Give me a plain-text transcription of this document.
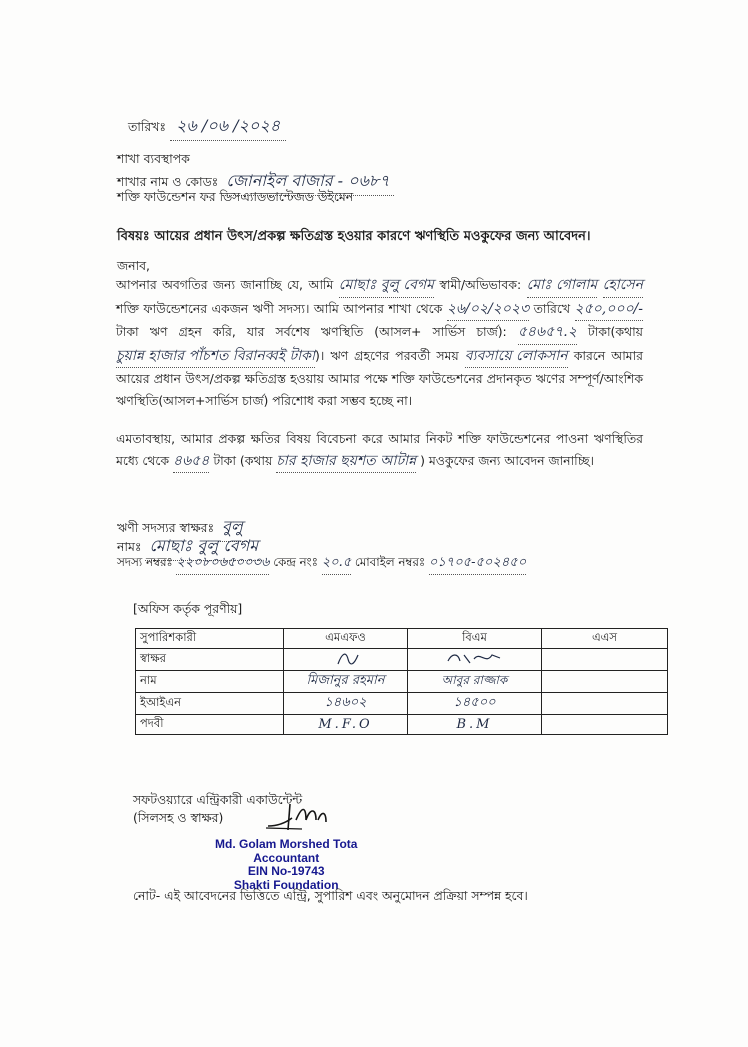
তারিখঃ ২৬ /০৬ /২০২৪
শাখা ব্যবস্থাপক
শাখার নাম ও কোডঃ জোনাইল বাজার - ০৬৮৭
শক্তি ফাউন্ডেশন ফর ডিসএ্যাডভান্টেজড উইমেন
বিষয়ঃ আয়ের প্রধান উৎস/প্রকল্প ক্ষতিগ্রস্ত হওয়ার কারণে ঋণস্থিতি মওকুফের জন্য আবেদন।
জনাব,
আপনার অবগতির জন্য জানাচ্ছি যে, আমি মোছাঃ বুলু বেগম স্বামী/অভিভাবক: মোঃ গোলাম হোসেন শক্তি ফাউন্ডেশনের একজন ঋণী সদস্য। আমি আপনার শাখা থেকে ২৬/০২/২০২৩ তারিখে ২৫০,০০০/- টাকা ঋণ গ্রহন করি, যার সর্বশেষ ঋণস্থিতি (আসল+ সার্ভিস চার্জ): ৫৪৬৫৭.২ টাকা(কথায় চুয়ান্ন হাজার পাঁচশত বিরানব্বই টাকা)। ঋণ গ্রহণের পরবর্তী সময় ব্যবসায়ে লোকসান কারনে আমার আয়ের প্রধান উৎস/প্রকল্প ক্ষতিগ্রস্ত হওয়ায় আমার পক্ষে শক্তি ফাউন্ডেশনের প্রদানকৃত ঋণের সম্পূর্ণ/আংশিক ঋণস্থিতি(আসল+সার্ভিস চার্জ) পরিশোধ করা সম্ভব হচ্ছে না।
এমতাবস্থায়, আমার প্রকল্প ক্ষতির বিষয় বিবেচনা করে আমার নিকট শক্তি ফাউন্ডেশনের পাওনা ঋণস্থিতির মধ্যে থেকে ৪৬৫৪ টাকা (কথায় চার হাজার ছয়শত আটান্ন ) মওকুফের জন্য আবেদন জানাচ্ছি।
ঋণী সদস্যর স্বাক্ষরঃ বুলু
নামঃ মোছাঃ বুলু বেগম
সদস্য নম্বরঃ ২২০৮০৬৫০০৩৬ কেন্দ্র নংঃ ২০.৫ মোবাইল নম্বরঃ ০১৭০৫-৫০২৪৫০
[অফিস কর্তৃক পূরণীয়]
সুপারিশকারী	এমএফও	বিএম	এএস
স্বাক্ষর			
নাম	মিজানুর রহমান	আবুর রাজ্জাক	
ইআইএন	১৪৬০২	১৪৫০০	
পদবী	M.F.O	B.M	
সফটওয়্যারে এন্ট্রিকারী একাউন্টেন্ট
(সিলসহ ও স্বাক্ষর)
Md. Golam Morshed Tota
Accountant
EIN No-19743
Shakti Foundation
নোট- এই আবেদনের ভিত্তিতে এন্ট্রি, সুপারিশ এবং অনুমোদন প্রক্রিয়া সম্পন্ন হবে।
